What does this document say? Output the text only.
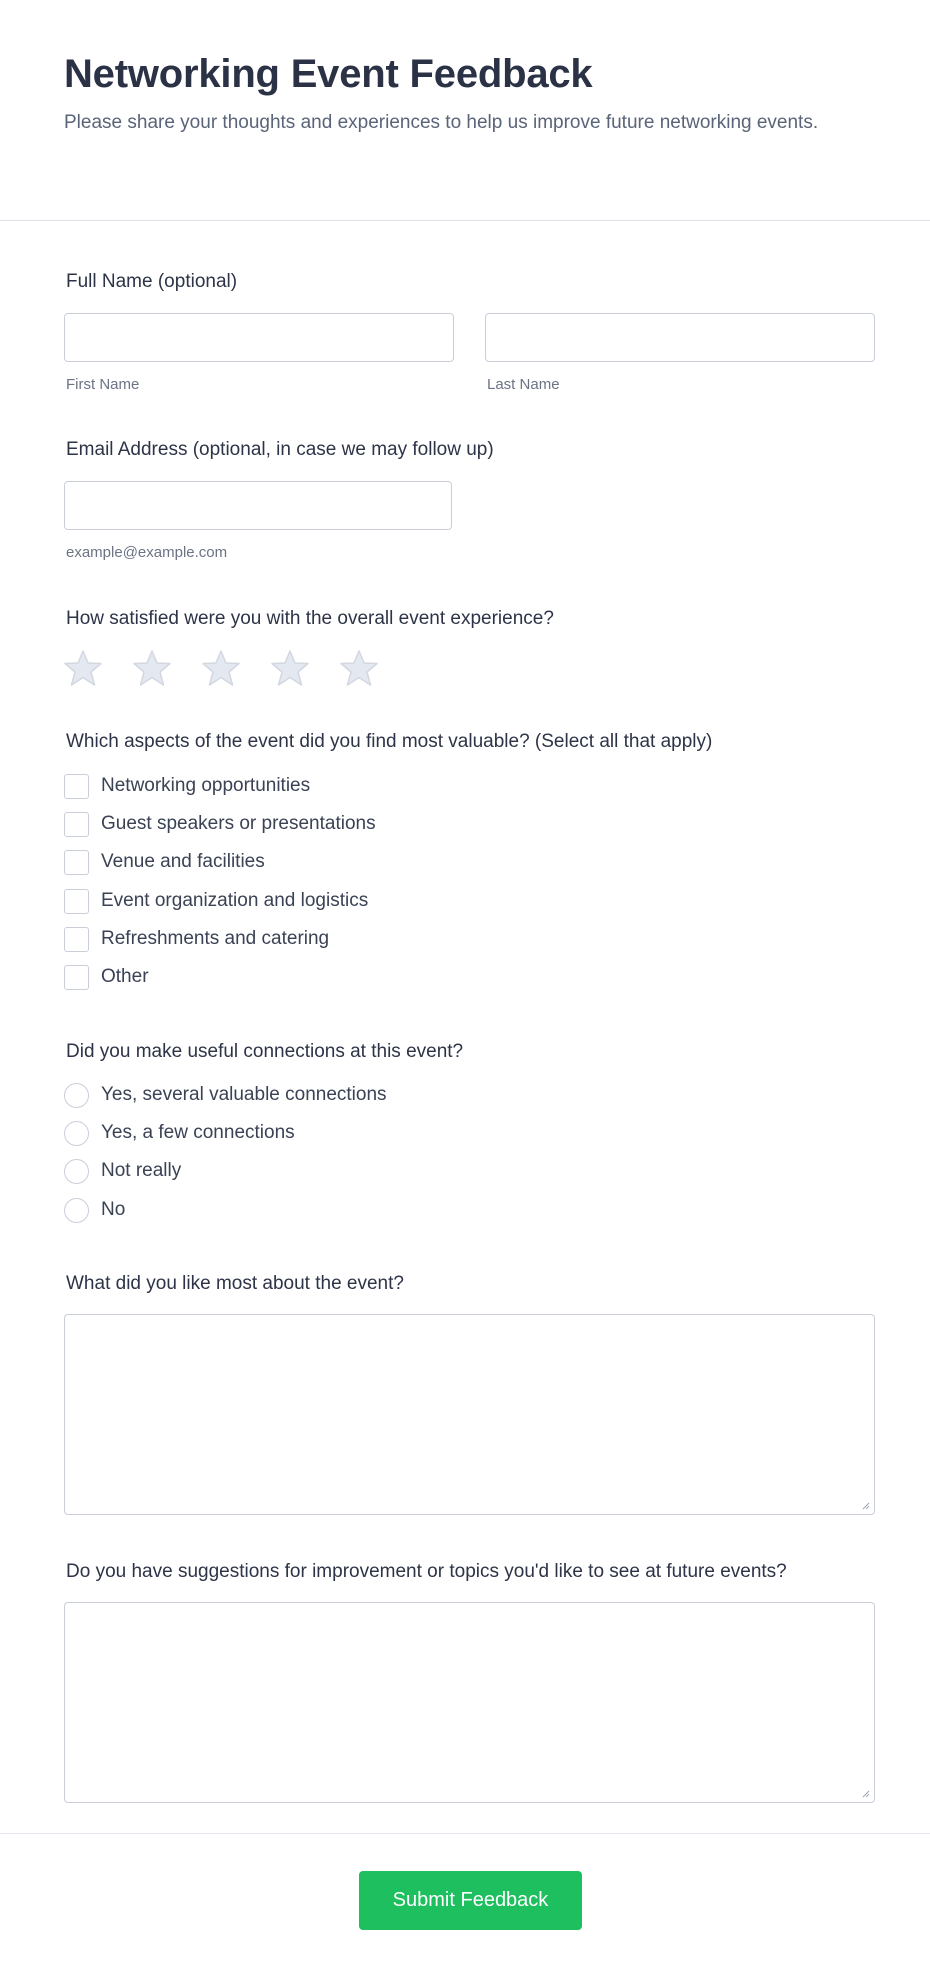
Networking Event Feedback

Please share your thoughts and experiences to help us improve future networking events.

Full Name (optional)
First Name	Last Name
Email Address (optional, in case we may follow up)
example@example.com
How satisfied were you with the overall event experience?
Which aspects of the event did you find most valuable? (Select all that apply)
Networking opportunities
Guest speakers or presentations
Venue and facilities
Event organization and logistics
Refreshments and catering
Other
Did you make useful connections at this event?
Yes, several valuable connections
Yes, a few connections
Not really
No
What did you like most about the event?
Do you have suggestions for improvement or topics you'd like to see at future events?
Submit Feedback
